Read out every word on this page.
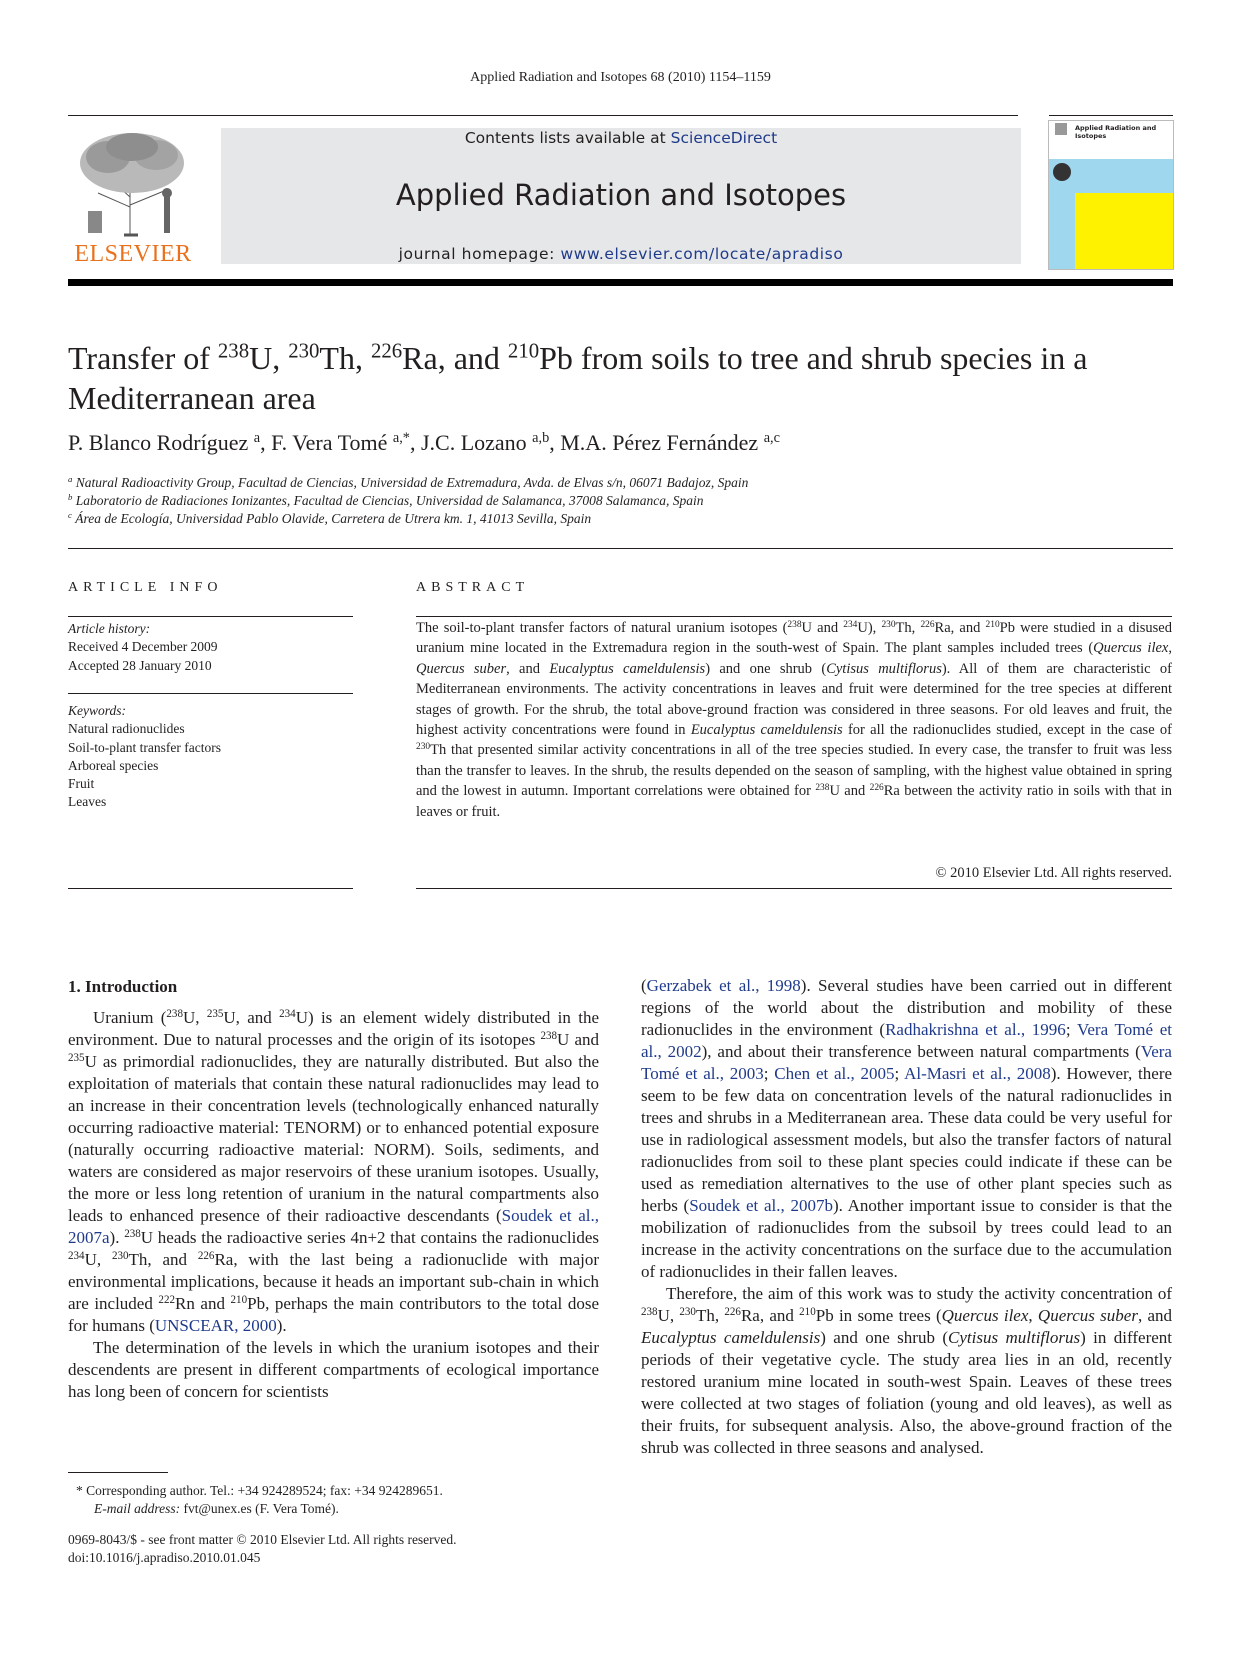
Applied Radiation and Isotopes 68 (2010) 1154–1159
ELSEVIER
Contents lists available at ScienceDirect
Applied Radiation and Isotopes
journal homepage: www.elsevier.com/locate/apradiso
Applied Radiation and
Isotopes
Transfer of $^{238}$U, $^{230}$Th, $^{226}$Ra, and $^{210}$Pb from soils to tree and shrub species in a Mediterranean area
P. Blanco Rodríguez $^a$, F. Vera Tomé $^{a,*}$, J.C. Lozano $^{a,b}$, M.A. Pérez Fernández $^{a,c}$
$^a$ Natural Radioactivity Group, Facultad de Ciencias, Universidad de Extremadura, Avda. de Elvas s/n, 06071 Badajoz, Spain
$^b$ Laboratorio de Radiaciones Ionizantes, Facultad de Ciencias, Universidad de Salamanca, 37008 Salamanca, Spain
$^c$ Área de Ecología, Universidad Pablo Olavide, Carretera de Utrera km. 1, 41013 Sevilla, Spain
ARTICLE INFO
Article history:
Received 4 December 2009
Accepted 28 January 2010
Keywords:
Natural radionuclides
Soil-to-plant transfer factors
Arboreal species
Fruit
Leaves
ABSTRACT
The soil-to-plant transfer factors of natural uranium isotopes ($^{238}$U and $^{234}$U), $^{230}$Th, $^{226}$Ra, and $^{210}$Pb were studied in a disused uranium mine located in the Extremadura region in the south-west of Spain. The plant samples included trees (Quercus ilex, Quercus suber, and Eucalyptus cameldulensis) and one shrub (Cytisus multiflorus). All of them are characteristic of Mediterranean environments. The activity concentrations in leaves and fruit were determined for the tree species at different stages of growth. For the shrub, the total above-ground fraction was considered in three seasons. For old leaves and fruit, the highest activity concentrations were found in Eucalyptus cameldulensis for all the radionuclides studied, except in the case of $^{230}$Th that presented similar activity concentrations in all of the tree species studied. In every case, the transfer to fruit was less than the transfer to leaves. In the shrub, the results depended on the season of sampling, with the highest value obtained in spring and the lowest in autumn. Important correlations were obtained for $^{238}$U and $^{226}$Ra between the activity ratio in soils with that in leaves or fruit.
© 2010 Elsevier Ltd. All rights reserved.
1. Introduction

Uranium ($^{238}$U, $^{235}$U, and $^{234}$U) is an element widely distributed in the environment. Due to natural processes and the origin of its isotopes $^{238}$U and $^{235}$U as primordial radionuclides, they are naturally distributed. But also the exploitation of materials that contain these natural radionuclides may lead to an increase in their concentration levels (technologically enhanced naturally occurring radioactive material: TENORM) or to enhanced potential exposure (naturally occurring radioactive material: NORM). Soils, sediments, and waters are considered as major reservoirs of these uranium isotopes. Usually, the more or less long retention of uranium in the natural compartments also leads to enhanced presence of their radioactive descendants (Soudek et al., 2007a). $^{238}$U heads the radioactive series 4n+2 that contains the radionuclides $^{234}$U, $^{230}$Th, and $^{226}$Ra, with the last being a radionuclide with major environmental implications, because it heads an important sub-chain in which are included $^{222}$Rn and $^{210}$Pb, perhaps the main contributors to the total dose for humans (UNSCEAR, 2000).

The determination of the levels in which the uranium isotopes and their descendents are present in different compartments of ecological importance has long been of concern for scientists

(Gerzabek et al., 1998). Several studies have been carried out in different regions of the world about the distribution and mobility of these radionuclides in the environment (Radhakrishna et al., 1996; Vera Tomé et al., 2002), and about their transference between natural compartments (Vera Tomé et al., 2003; Chen et al., 2005; Al-Masri et al., 2008). However, there seem to be few data on concentration levels of the natural radionuclides in trees and shrubs in a Mediterranean area. These data could be very useful for use in radiological assessment models, but also the transfer factors of natural radionuclides from soil to these plant species could indicate if these can be used as remediation alternatives to the use of other plant species such as herbs (Soudek et al., 2007b). Another important issue to consider is that the mobilization of radionuclides from the subsoil by trees could lead to an increase in the activity concentrations on the surface due to the accumulation of radionuclides in their fallen leaves.

Therefore, the aim of this work was to study the activity concentration of $^{238}$U, $^{230}$Th, $^{226}$Ra, and $^{210}$Pb in some trees (Quercus ilex, Quercus suber, and Eucalyptus cameldulensis) and one shrub (Cytisus multiflorus) in different periods of their vegetative cycle. The study area lies in an old, recently restored uranium mine located in south-west Spain. Leaves of these trees were collected at two stages of foliation (young and old leaves), as well as their fruits, for subsequent analysis. Also, the above-ground fraction of the shrub was collected in three seasons and analysed.

* Corresponding author. Tel.: +34 924289524; fax: +34 924289651.
E-mail address: fvt@unex.es (F. Vera Tomé).
0969-8043/$ - see front matter © 2010 Elsevier Ltd. All rights reserved.
doi:10.1016/j.apradiso.2010.01.045
